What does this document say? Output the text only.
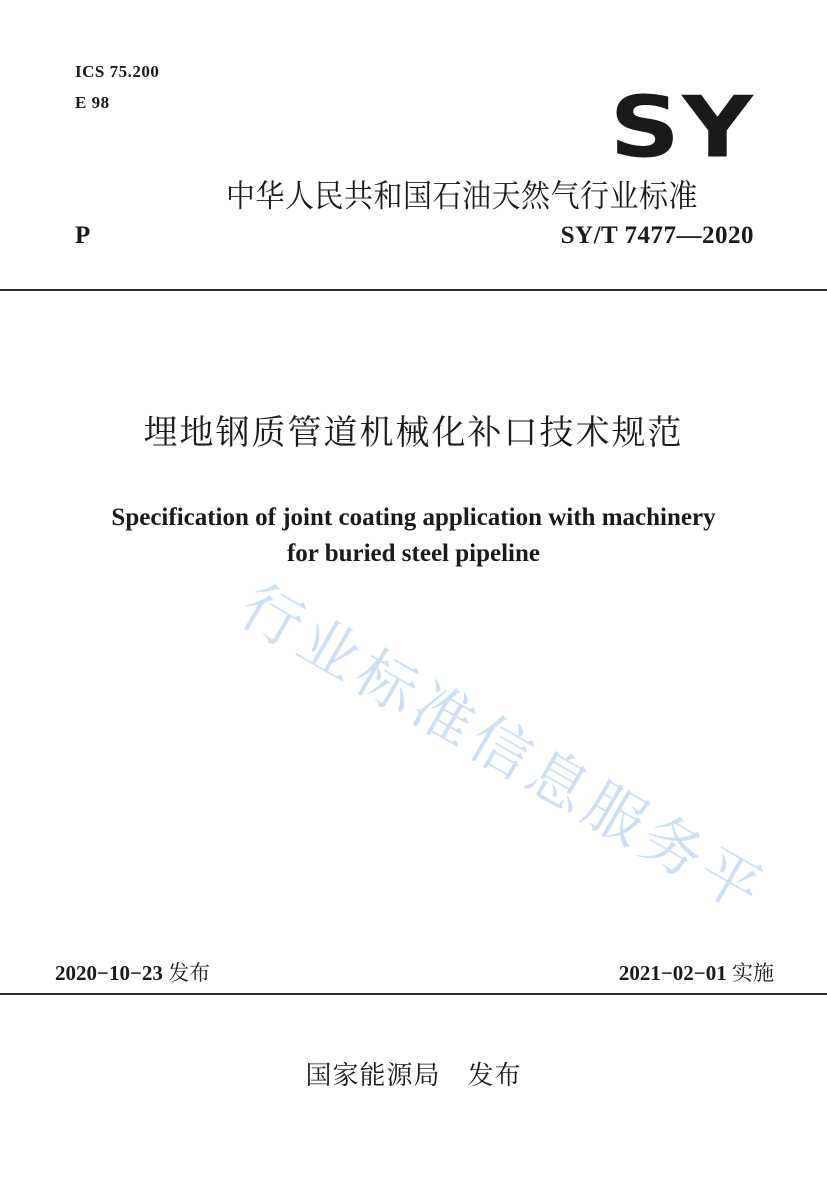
ICS 75.200
E 98	SY
中华人民共和国石油天然气行业标准
P	SY/T 7477—2020
埋地钢质管道机械化补口技术规范
Specification of joint coating application with machinery
for buried steel pipeline
行业标准信息服务平
2020−10−23 发布	2021−02−01 实施
国家能源局　发布
